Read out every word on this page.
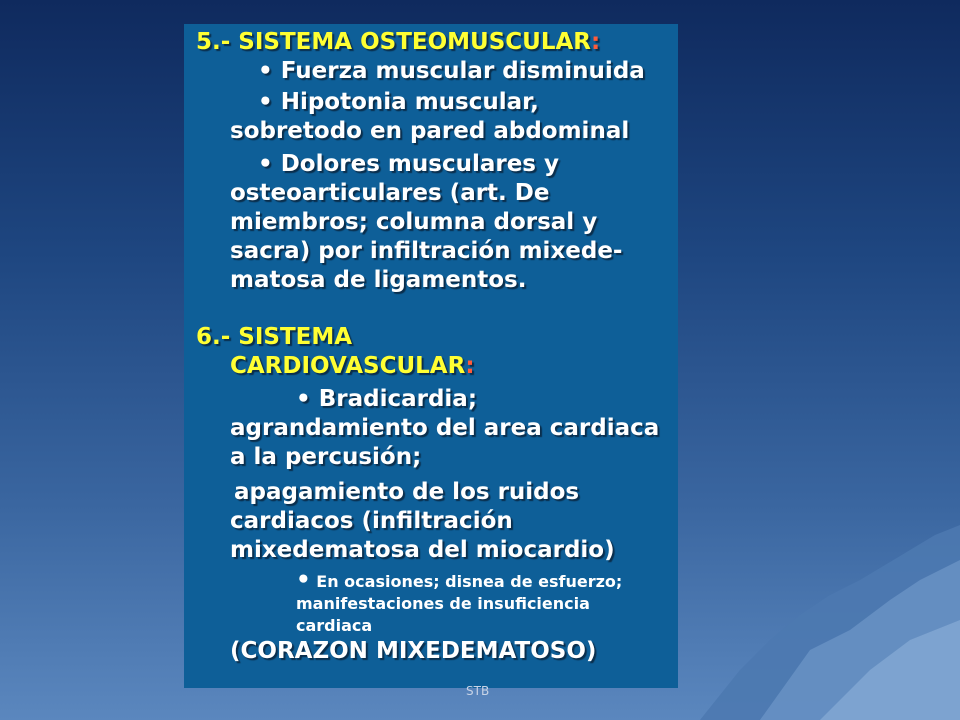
5.- SISTEMA OSTEOMUSCULAR:
• Fuerza muscular disminuida
• Hipotonia muscular, sobretodo en pared abdominal
• Dolores musculares y osteoarticulares (art. De miembros; columna dorsal y sacra) por infiltración mixede-matosa de ligamentos.
6.- SISTEMA
CARDIOVASCULAR:
• Bradicardia; agrandamiento del area cardiaca a la percusión;
apagamiento de los ruidos cardiacos (infiltración mixedematosa del miocardio)
• En ocasiones; disnea de esfuerzo; manifestaciones de insuficiencia cardiaca
(CORAZON MIXEDEMATOSO)
STB
